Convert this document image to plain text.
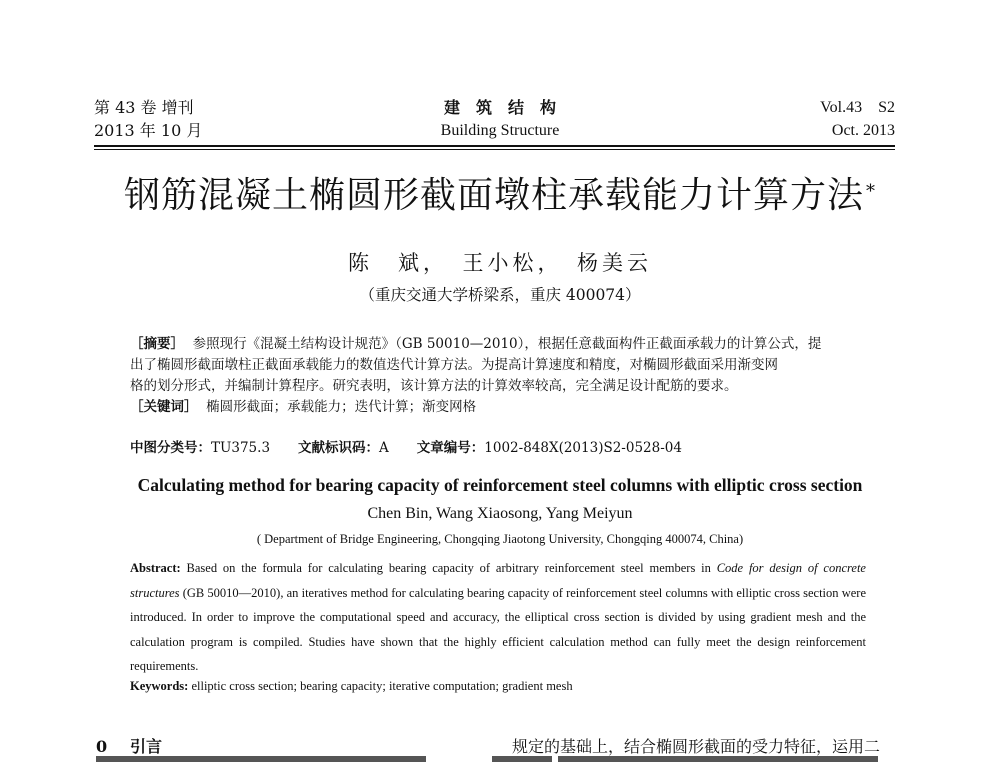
第 43 卷 增刊
2013 年 10 月
建　筑　结　构
Building Structure
Vol.43　S2
Oct. 2013
钢筋混凝土椭圆形截面墩柱承载能力计算方法 *
陈　斌，　王小松，　杨美云
（重庆交通大学桥梁系，重庆 400074）
［摘要］ 参照现行《混凝土结构设计规范》（GB 50010—2010），根据任意截面构件正截面承载力的计算公式，提
出了椭圆形截面墩柱正截面承载能力的数值迭代计算方法。为提高计算速度和精度，对椭圆形截面采用渐变网
格的划分形式，并编制计算程序。研究表明，该计算方法的计算效率较高，完全满足设计配筋的要求。
［关键词］ 椭圆形截面；承载能力；迭代计算；渐变网格
中图分类号：TU375.3 文献标识码：A 文章编号：1002-848X(2013)S2-0528-04
Calculating method for bearing capacity of reinforcement steel columns with elliptic cross section
Chen Bin, Wang Xiaosong, Yang Meiyun
( Department of Bridge Engineering, Chongqing Jiaotong University, Chongqing 400074, China)
Abstract: Based on the formula for calculating bearing capacity of arbitrary reinforcement steel members in Code for design of concrete structures (GB 50010—2010), an iteratives method for calculating bearing capacity of reinforcement steel columns with elliptic cross section were introduced. In order to improve the computational speed and accuracy, the elliptical cross section is divided by using gradient mesh and the calculation program is compiled. Studies have shown that the highly efficient calculation method can fully meet the design reinforcement requirements.
Keywords: elliptic cross section; bearing capacity; iterative computation; gradient mesh
0 引言	规定的基础上，结合椭圆形截面的受力特征，运用二
